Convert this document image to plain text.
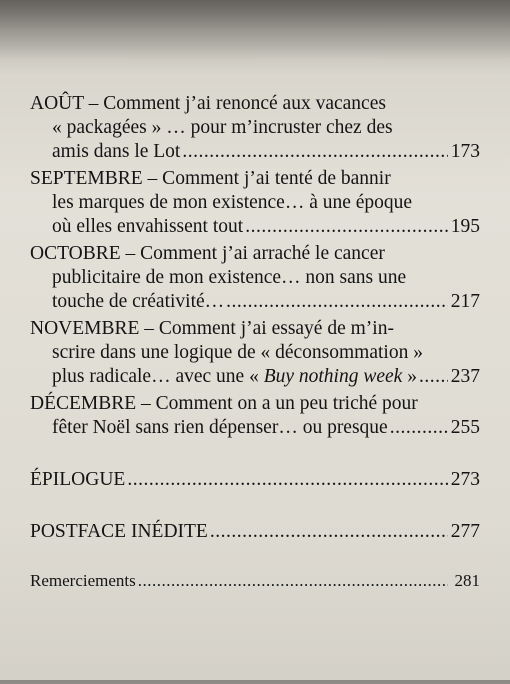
AOÛT – Comment j’ai renoncé aux vacances
« packagées » … pour m’incruster chez des
amis dans le Lot .....	173
SEPTEMBRE – Comment j’ai tenté de bannir
les marques de mon existence… à une époque
où elles envahissent tout .....	195
OCTOBRE – Comment j’ai arraché le cancer
publicitaire de mon existence… non sans une
touche de créativité… .....	217
NOVEMBRE – Comment j’ai essayé de m’in-
scrire dans une logique de « déconsommation »
plus radicale… avec une « Buy nothing week » ..... 237
DÉCEMBRE – Comment on a un peu triché pour
fêter Noël sans rien dépenser… ou presque .....	255
ÉPILOGUE .....	273
POSTFACE INÉDITE .....	277
Remerciements .....	281
